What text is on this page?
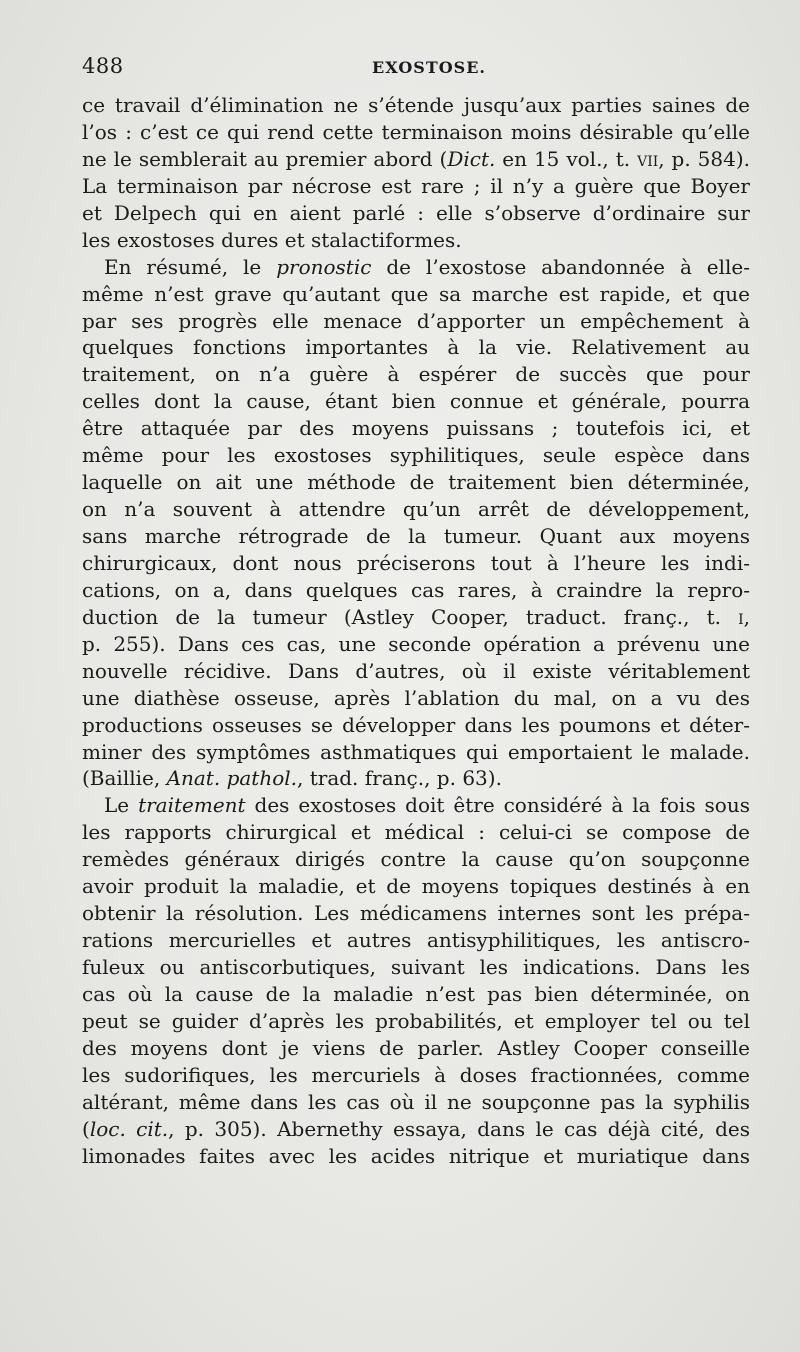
488	EXOSTOSE.
ce travail d’élimination ne s’étende jusqu’aux parties saines de
l’os : c’est ce qui rend cette terminaison moins désirable qu’elle
ne le semblerait au premier abord (Dict. en 15 vol., t. vii, p. 584).
La terminaison par nécrose est rare ; il n’y a guère que Boyer
et Delpech qui en aient parlé : elle s’observe d’ordinaire sur
les exostoses dures et stalactiformes.
En résumé, le pronostic de l’exostose abandonnée à elle-
même n’est grave qu’autant que sa marche est rapide, et que
par ses progrès elle menace d’apporter un empêchement à
quelques fonctions importantes à la vie. Relativement au
traitement, on n’a guère à espérer de succès que pour
celles dont la cause, étant bien connue et générale, pourra
être attaquée par des moyens puissans ; toutefois ici, et
même pour les exostoses syphilitiques, seule espèce dans
laquelle on ait une méthode de traitement bien déterminée,
on n’a souvent à attendre qu’un arrêt de développement,
sans marche rétrograde de la tumeur. Quant aux moyens
chirurgicaux, dont nous préciserons tout à l’heure les indi-
cations, on a, dans quelques cas rares, à craindre la repro-
duction de la tumeur (Astley Cooper, traduct. franç., t. i,
p. 255). Dans ces cas, une seconde opération a prévenu une
nouvelle récidive. Dans d’autres, où il existe véritablement
une diathèse osseuse, après l’ablation du mal, on a vu des
productions osseuses se développer dans les poumons et déter-
miner des symptômes asthmatiques qui emportaient le malade.
(Baillie, Anat. pathol., trad. franç., p. 63).
Le traitement des exostoses doit être considéré à la fois sous
les rapports chirurgical et médical : celui-ci se compose de
remèdes généraux dirigés contre la cause qu’on soupçonne
avoir produit la maladie, et de moyens topiques destinés à en
obtenir la résolution. Les médicamens internes sont les prépa-
rations mercurielles et autres antisyphilitiques, les antiscro-
fuleux ou antiscorbutiques, suivant les indications. Dans les
cas où la cause de la maladie n’est pas bien déterminée, on
peut se guider d’après les probabilités, et employer tel ou tel
des moyens dont je viens de parler. Astley Cooper conseille
les sudorifiques, les mercuriels à doses fractionnées, comme
altérant, même dans les cas où il ne soupçonne pas la syphilis
(loc. cit., p. 305). Abernethy essaya, dans le cas déjà cité, des
limonades faites avec les acides nitrique et muriatique dans
